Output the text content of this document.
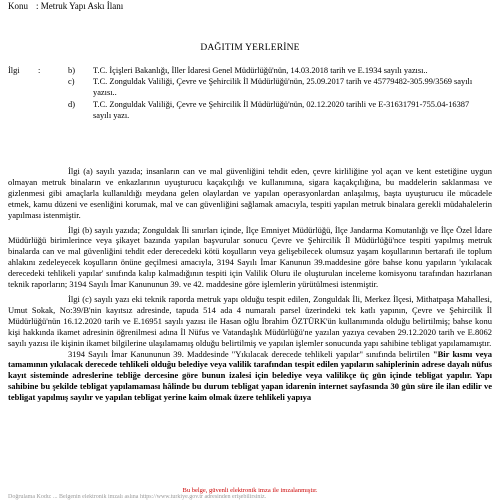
Konu : Metruk Yapı Askı İlanı
DAĞITIM YERLERİNE
İlgi	:	b)	T.C. İçişleri Bakanlığı, İller İdaresi Genel Müdürlüğü'nün, 14.03.2018 tarih ve E.1934 sayılı yazısı..
c)	T.C. Zonguldak Valiliği, Çevre ve Şehircilik İl Müdürlüğü'nün, 25.09.2017 tarih ve 45779482-305.99/3569 sayılı yazısı..
d)	T.C. Zonguldak Valiliği, Çevre ve Şehircilik İl Müdürlüğü'nün, 02.12.2020 tarihli ve E-31631791-755.04-16387 sayılı yazı.

İlgi (a) sayılı yazıda; insanların can ve mal güvenliğini tehdit eden, çevre kirliliğine yol açan ve kent estetiğine uygun olmayan metruk binaların ve enkazlarının uyuşturucu kaçakçılığı ve kullanımına, sigara kaçakçılığına, bu maddelerin saklanması ve gizlenmesi gibi amaçlarla kullanıldığı meydana gelen olaylardan ve yapılan operasyonlardan anlaşılmış, başta uyuşturucu ile mücadele etmek, kamu düzeni ve esenliğini korumak, mal ve can güvenliğini sağlamak amacıyla, tespiti yapılan metruk binalara gerekli müdahalelerin yapılması istenmiştir.

İlgi (b) sayılı yazıda; Zonguldak İli sınırları içinde, İlçe Emniyet Müdürlüğü, İlçe Jandarma Komutanlığı ve İlçe Özel İdare Müdürlüğü birimlerince veya şikayet bazında yapılan başvurular sonucu Çevre ve Şehircilik İl Müdürlüğü'nce tespiti yapılmış metruk binalarda can ve mal güvenliğini tehdit eder derecedeki kötü koşulların veya gelişebilecek olumsuz yaşam koşullarının bertarafı ile toplum ahlakını zedeleyecek koşulların önüne geçilmesi amacıyla, 3194 Sayılı İmar Kanunun 39.maddesine göre bahse konu yapıların 'yıkılacak derecedeki tehlikeli yapılar' sınıfında kalıp kalmadığının tespiti için Valilik Oluru ile oluşturulan inceleme komisyonu tarafından hazırlanan teknik raporların; 3194 Sayılı İmar Kanununun 39. ve 42. maddesine göre işlemlerin yürütülmesi istenmiştir.

İlgi (c) sayılı yazı eki teknik raporda metruk yapı olduğu tespit edilen, Zonguldak İli, Merkez İlçesi, Mithatpaşa Mahallesi, Umut Sokak, No:39/B'nin kayıtsız adresinde, tapuda 514 ada 4 numaralı parsel üzerindeki tek katlı yapının, Çevre ve Şehircilik İl Müdürlüğü'nün 16.12.2020 tarih ve E.16951 sayılı yazısı ile Hasan oğlu İbrahim ÖZTÜRK'ün kullanımında olduğu belirtilmiş; bahse konu kişi hakkında ikamet adresinin öğrenilmesi adına İl Nüfus ve Vatandaşlık Müdürlüğü'ne yazılan yazıya cevaben 29.12.2020 tarih ve E.8062 sayılı yazısı ile kişinin ikamet bilgilerine ulaşılamamış olduğu belirtilmiş ve yapılan işlemler sonucunda yapı sahibine tebligat yapılamamıştır.

3194 Sayılı İmar Kanununun 39. Maddesinde "Yıkılacak derecede tehlikeli yapılar" sınıfında belirtilen "Bir kısmı veya tamamının yıkılacak derecede tehlikeli olduğu belediye veya valilik tarafından tespit edilen yapıların sahiplerinin adrese dayalı nüfus kayıt sisteminde adreslerine tebliğe dercesine göre bunun izalesi için belediye veya valilikçe üç gün içinde tebligat yapılır. Yapı sahibine bu şekilde tebligat yapılamaması hâlinde bu durum tebligat yapan idarenin internet sayfasında 30 gün süre ile ilan edilir ve tebligat yapılmış sayılır ve yapılan tebligat yerine kaim olmak üzere tehlikeli yapıya

Bu belge, güvenli elektronik imza ile imzalanmıştır.
Doğrulama Kodu: ... Belgenin elektronik imzalı aslına https://www.turkiye.gov.tr adresinden erişebilirsiniz.
